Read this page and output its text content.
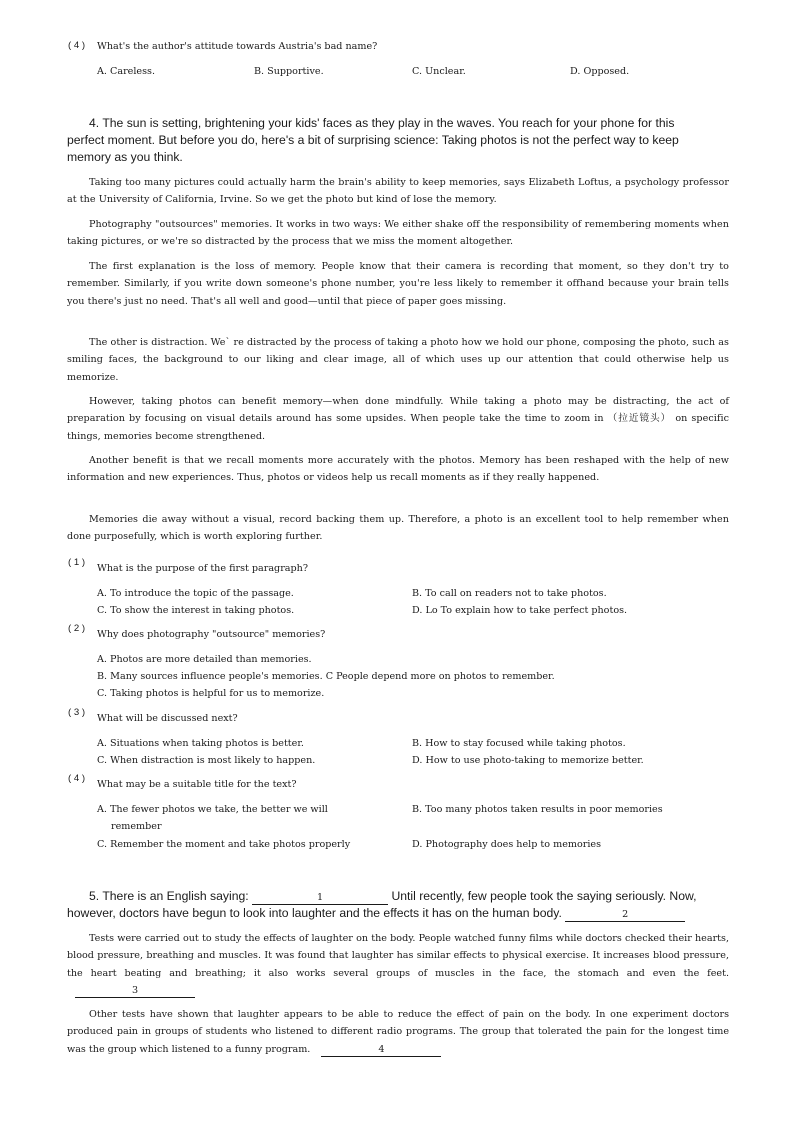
( 4 ) What's the author's attitude towards Austria's bad name?
A. Careless.	B. Supportive.	C. Unclear.	D. Opposed.
4. The sun is setting, brightening your kids' faces as they play in the waves. You reach for your phone for this
perfect moment. But before you do, here's a bit of surprising science: Taking photos is not the perfect way to keep
memory as you think.
Taking too many pictures could actually harm the brain's ability to keep memories, says Elizabeth Loftus, a psychology professor at the University of California, Irvine. So we get the photo but kind of lose the memory.
Photography "outsources" memories. It works in two ways: We either shake off the responsibility of remembering moments when taking pictures, or we're so distracted by the process that we miss the moment altogether.
The first explanation is the loss of memory. People know that their camera is recording that moment, so they don't try to remember. Similarly, if you write down someone's phone number, you're less likely to remember it offhand because your brain tells you there's just no need. That's all well and good—until that piece of paper goes missing.
The other is distraction. We` re distracted by the process of taking a photo how we hold our phone, composing the photo, such as smiling faces, the background to our liking and clear image, all of which uses up our attention that could otherwise help us memorize.
However, taking photos can benefit memory—when done mindfully. While taking a photo may be distracting, the act of preparation by focusing on visual details around has some upsides. When people take the time to zoom in （拉近镜头） on specific things, memories become strengthened.
Another benefit is that we recall moments more accurately with the photos. Memory has been reshaped with the help of new information and new experiences. Thus, photos or videos help us recall moments as if they really happened.
Memories die away without a visual, record backing them up. Therefore, a photo is an excellent tool to help remember when done purposefully, which is worth exploring further.
( 1 )
What is the purpose of the first paragraph?
A. To introduce the topic of the passage.	B. To call on readers not to take photos.
C. To show the interest in taking photos.	D. Lo To explain how to take perfect photos.
( 2 )
Why does photography "outsource" memories?
A. Photos are more detailed than memories.
B. Many sources influence people's memories. C People depend more on photos to remember.
C. Taking photos is helpful for us to memorize.
( 3 )
What will be discussed next?
A. Situations when taking photos is better.	B. How to stay focused while taking photos.
C. When distraction is most likely to happen.	D. How to use photo-taking to memorize better.
( 4 )
What may be a suitable title for the text?
A. The fewer photos we take, the better we will
remember
B. Too many photos taken results in poor memories
C. Remember the moment and take photos properly	D. Photography does help to memories
5. There is an English saying:	1	Until recently, few people took the saying seriously. Now,
however, doctors have begun to look into laughter and the effects it has on the human body.	2
Tests were carried out to study the effects of laughter on the body. People watched funny films while doctors checked their hearts, blood pressure, breathing and muscles. It was found that laughter has similar effects to physical exercise. It increases blood pressure, the heart beating and breathing; it also works several groups of muscles in the face, the stomach and even the feet. 3
Other tests have shown that laughter appears to be able to reduce the effect of pain on the body. In one experiment doctors produced pain in groups of students who listened to different radio programs. The group that tolerated the pain for the longest time was the group which listened to a funny program.	4
